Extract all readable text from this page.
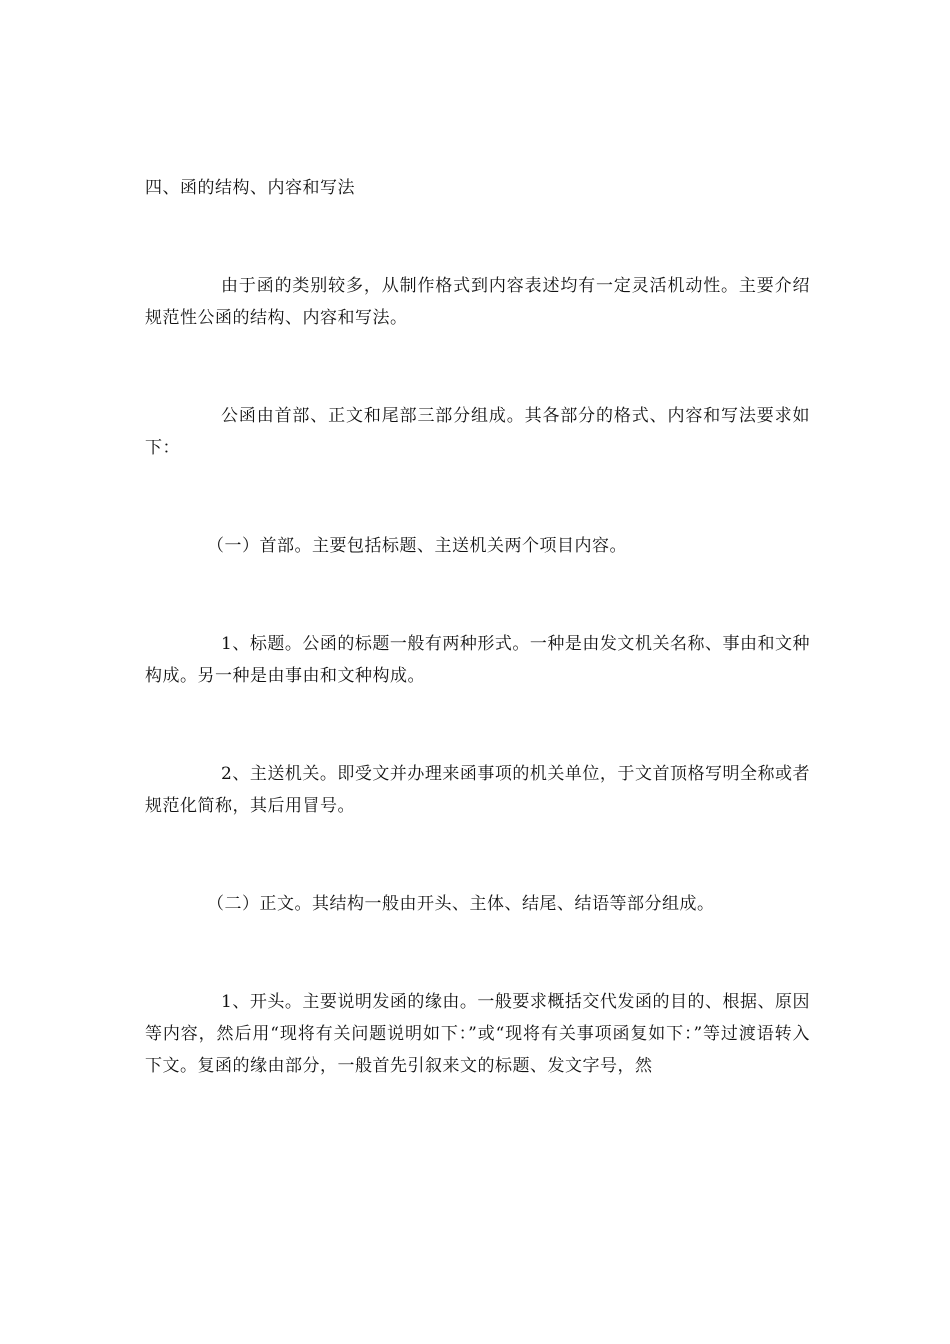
四、函的结构、内容和写法

由于函的类别较多，从制作格式到内容表述均有一定灵活机动性。主要介绍规范性公函的结构、内容和写法。

公函由首部、正文和尾部三部分组成。其各部分的格式、内容和写法要求如下：

（一）首部。主要包括标题、主送机关两个项目内容。

1、标题。公函的标题一般有两种形式。一种是由发文机关名称、事由和文种构成。另一种是由事由和文种构成。

2、主送机关。即受文并办理来函事项的机关单位，于文首顶格写明全称或者规范化简称，其后用冒号。

（二）正文。其结构一般由开头、主体、结尾、结语等部分组成。

1、开头。主要说明发函的缘由。一般要求概括交代发函的目的、根据、原因等内容，然后用“现将有关问题说明如下：”或“现将有关事项函复如下：”等过渡语转入下文。复函的缘由部分，一般首先引叙来文的标题、发文字号，然
